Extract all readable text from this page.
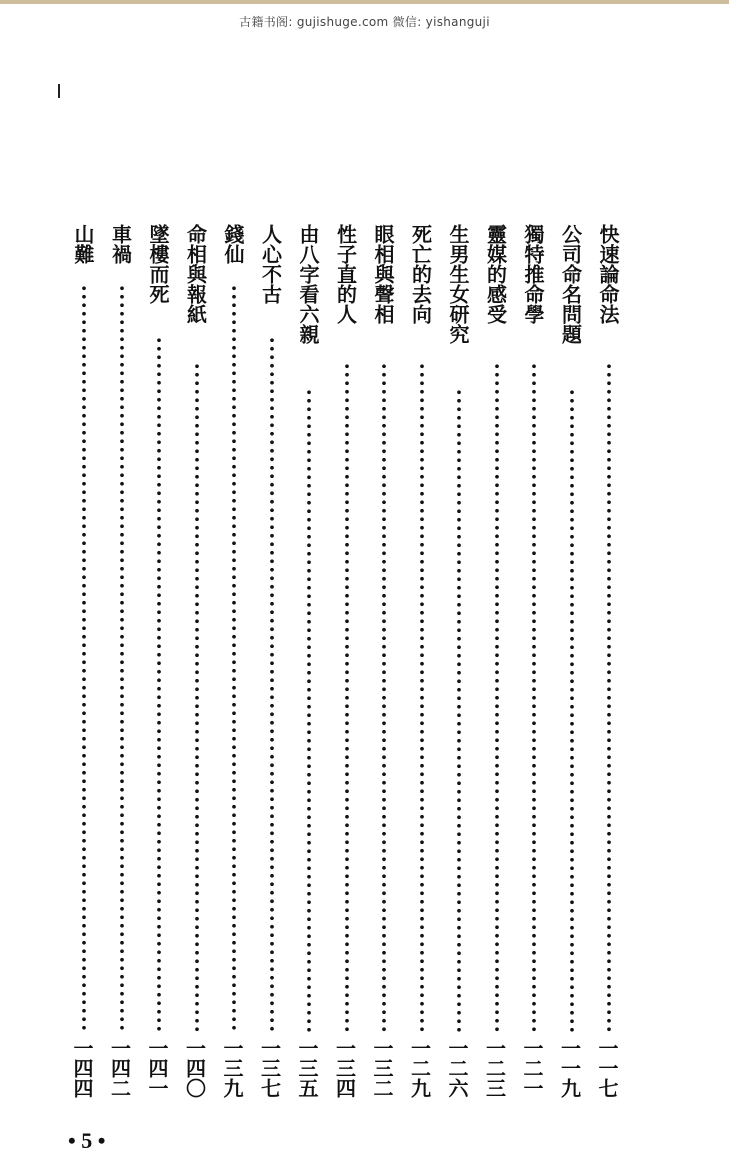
古籍书阁: gujishuge.com 微信: yishanguji
快速論命法
一一七
公司命名問題
一一九
獨特推命學
一二一
靈媒的感受
一二三
生男生女研究
一二六
死亡的去向
一二九
眼相與聲相
一三二
性子直的人
一三四
由八字看六親
一三五
人心不古
一三七
錢仙
一三九
命相與報紙
一四〇
墜樓而死
一四一
車禍
一四二
山難
一四四
• 5 •
